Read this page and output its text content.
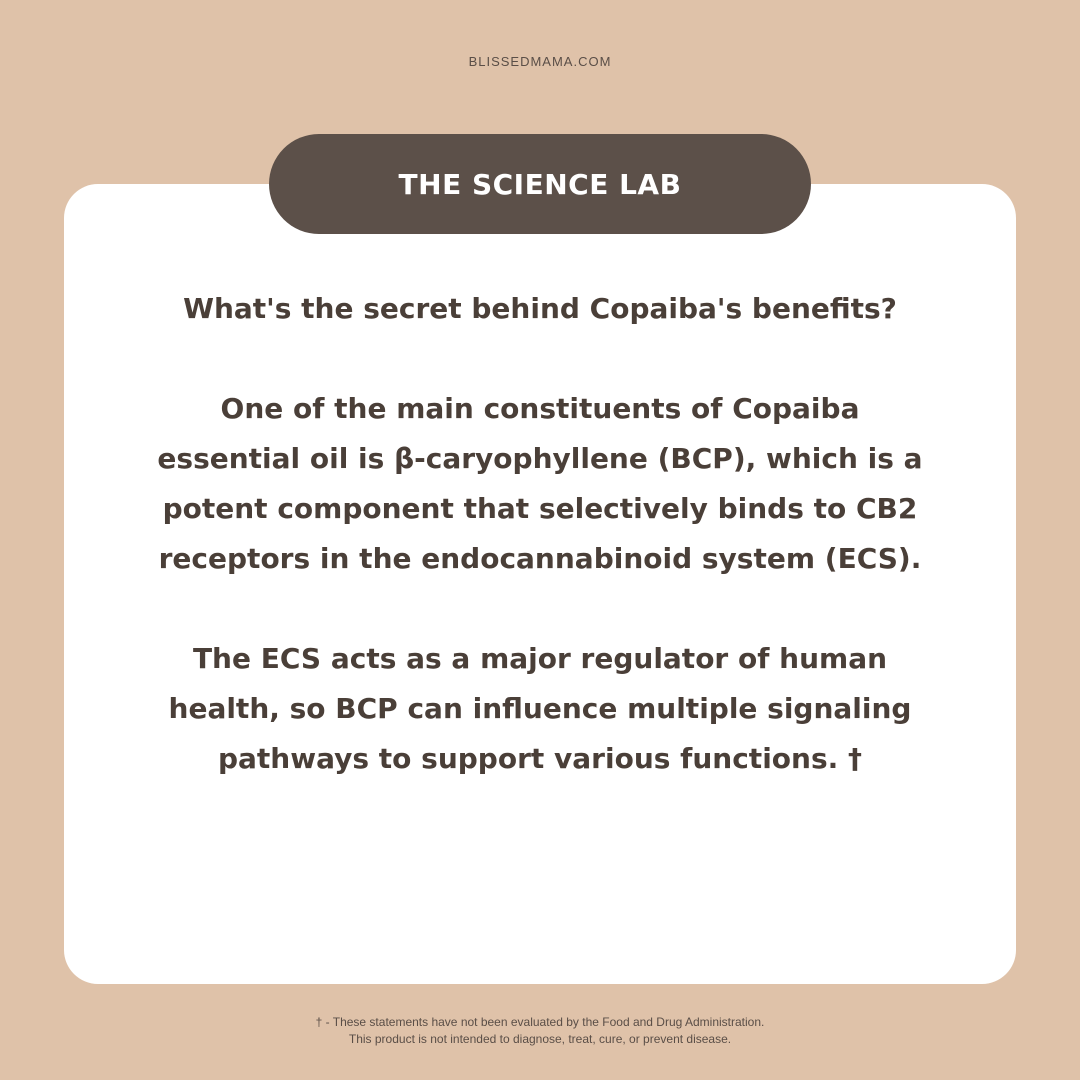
BLISSEDMAMA.COM
THE SCIENCE LAB

What's the secret behind Copaiba's benefits?

One of the main constituents of Copaiba essential oil is β-caryophyllene (BCP), which is a potent component that selectively binds to CB2 receptors in the endocannabinoid system (ECS).

The ECS acts as a major regulator of human health, so BCP can influence multiple signaling pathways to support various functions. †

† - These statements have not been evaluated by the Food and Drug Administration.
This product is not intended to diagnose, treat, cure, or prevent disease.
